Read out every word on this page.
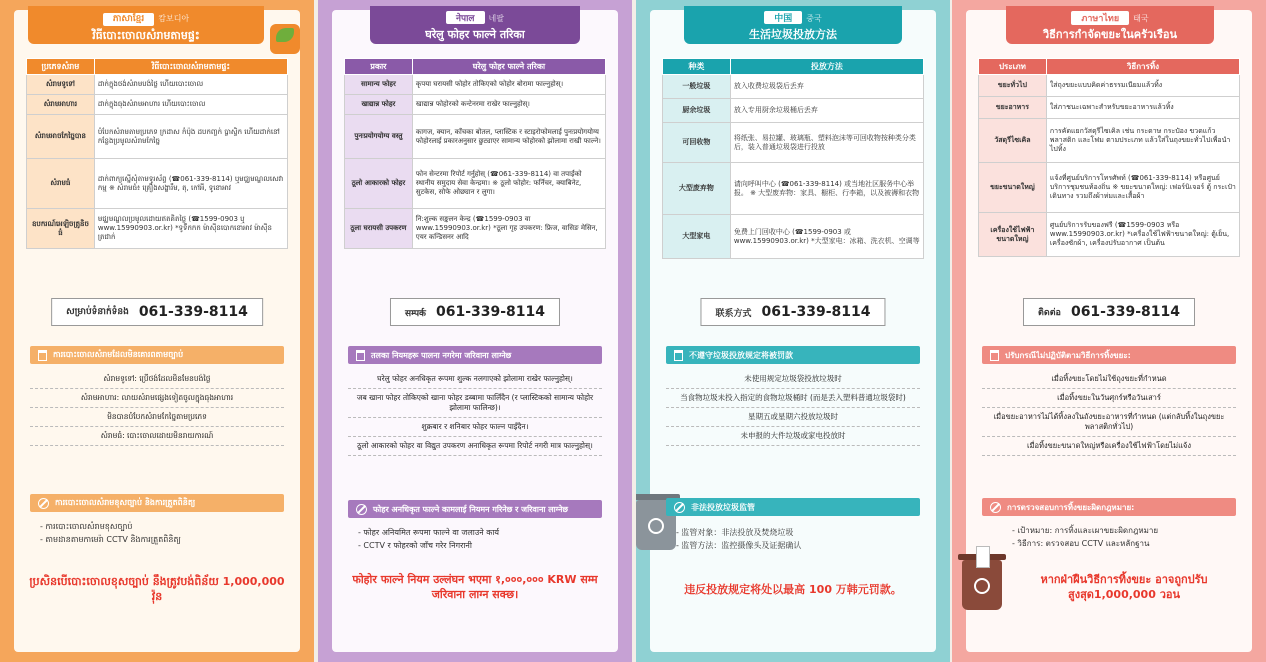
ភាសាខ្មែរ 캄보디아
វិធីបោះចោលសំរាមតាមផ្ទះ
ប្រភេទសំរាម	វិធីបោះចោលសំរាមតាមផ្ទះ
សំរាមទូទៅ	ដាក់ក្នុងថង់សំរាមបង់ថ្លៃ ហើយបោះចោល
សំរាមអាហារ	ដាក់ក្នុងធុងសំរាមអាហារ ហើយបោះចោល
សំរាមអាចកែច្នៃបាន	បំបែកសំរាមតាមប្រភេទ ក្រដាស កំប៉ុង ដបកញ្ចក់ ប្លាស្ទិក ហើយដាក់នៅកន្លែងប្រមូលសំរាមកែច្នៃ
សំរាមធំ	ដាក់ពាក្យស្នើសុំតាមទូរស័ព្ទ (☎061-339-8114) ឬមជ្ឈមណ្ឌលសេវាកម្ម ※ សំរាមធំ៖ គ្រឿងសង្ហារឹម, តុ, កៅអី, ទូខោអាវ
ឧបករណ៍អេឡិចត្រូនិចធំ	មជ្ឈមណ្ឌលប្រមូលដោយឥតគិតថ្លៃ (☎1599-0903 ឬ www.15990903.or.kr) *ទូទឹកកក ម៉ាស៊ីនបោកខោអាវ ម៉ាស៊ីនត្រជាក់
សម្រាប់ទំនាក់ទំនង 061-339-8114
ការបោះចោលសំរាមដែលមិនគោរពតាមច្បាប់
សំរាមទូទៅ: ប្រើថង់ដែលមិនមែនបង់ថ្លៃ
សំរាមអាហារ: លាយសំរាមផ្សេងទៀតចូលក្នុងធុងអាហារ
មិនបានបំបែកសំរាមកែច្នៃតាមប្រភេទ
សំរាមធំ: បោះចោលដោយមិនរាយការណ៍
ការបោះចោលសំរាមខុសច្បាប់ និងការត្រួតពិនិត្យ
- ការបោះចោលសំរាមខុសច្បាប់
- តាមដានតាមកាមេរ៉ា CCTV និងការត្រួតពិនិត្យ
ប្រសិនបើបោះចោលខុសច្បាប់ នឹងត្រូវបង់ពិន័យ 1,000,000 វ៉ុន
नेपाल 네팔
घरेलु फोहर फाल्ने तरिका
प्रकार	घरेलु फोहर फाल्ने तरिका
सामान्य फोहर	कृपया घरायसी फोहोर तोकिएको फोहोर बोरामा फाल्नुहोस्।
खाद्यान्न फोहर	खाद्यान्न फोहोरको कन्टेनरमा राखेर फाल्नुहोस्।
पुनःप्रयोगयोग्य वस्तु	कागज, क्यान, काँचका बोतल, प्लास्टिक र स्टाइरोफोमलाई पुनःप्रयोगयोग्य फोहोरलाई प्रकारअनुसार छुट्याएर सामान्य फोहोरको झोलामा राखी फाल्ने।
ठूलो आकारको फोहर	फोन सेन्टरमा रिपोर्ट गर्नुहोस् (☎061-339-8114) वा तपाईंको स्थानीय समुदाय सेवा केन्द्रमा। ※ ठूलो फोहोर: फर्निचर, क्याबिनेट, सुटकेस, सोफे ओछ्यान र लुगा।
ठूला घरायसी उपकरण	नि:शुल्क सङ्कलन केन्द्र (☎1599-0903 वा www.15990903.or.kr) *ठूला गृह उपकरण: फ्रिज, वासिङ मेसिन, एयर कन्डिसनर आदि
सम्पर्क 061-339-8114
तलका नियमहरू पालना नगरेमा जरिवाना लाग्नेछ
घरेलु फोहर अनधिकृत रूपमा शुल्क नलगाएको झोलामा राखेर फाल्नुहोस्।
जब खाना फोहर तोकिएको खाना फोहर डब्बामा फालिँदैन (र प्लास्टिकको सामान्य फोहोर झोलामा फालिन्छ)।
शुक्रबार र शनिबार फोहर फाल्न पाइँदैन।
ठूलो आकारको फोहर वा विद्युत उपकरण अनाधिकृत रूपमा रिपोर्ट नगरी मात्र फाल्नुहोस्।
फोहर अनधिकृत फाल्ने कामलाई नियमन गरिनेछ र जरिवाना लाग्नेछ
- फोहर अनियमित रूपमा फाल्ने वा जलाउने कार्य
- CCTV र फोहरको जाँच गरेर निगरानी
फोहोर फाल्ने नियम उल्लंघन भएमा १,०००,००० KRW सम्म जरिवाना लाग्न सक्छ।
中国 중국
生活垃圾投放方法
种类	投放方法
一般垃圾	放入收费垃圾袋后丢弃
厨余垃圾	放入专用厨余垃圾桶后丢弃
可回收物	将纸张、易拉罐、玻璃瓶、塑料泡沫等可回收物按种类分类后，装入普通垃圾袋进行投放
大型废弃物	请向呼叫中心 (☎061-339-8114) 或当地社区服务中心举报。 ※ 大型废弃物：家具、橱柜、行李箱，以及被褥和衣物
大型家电	免费上门回收中心 (☎1599-0903 或 www.15990903.or.kr) *大型家电：冰箱、洗衣机、空调等
联系方式 061-339-8114
不遵守垃圾投放规定将被罚款
未使用规定垃圾袋投放垃圾时
当食物垃圾未投入指定的食物垃圾桶时 (而是丢入塑料普通垃圾袋时)
星期五或星期六投放垃圾时
未申报的大件垃圾或家电投放时
非法投放垃圾监管
- 监管对象：非法投放及焚烧垃圾
- 监管方法：监控摄像头及证据确认
违反投放规定将处以最高 100 万韩元罚款。
ภาษาไทย 태국
วิธีการกำจัดขยะในครัวเรือน
ประเภท	วิธีการทิ้ง
ขยะทั่วไป	ใส่ถุงขยะแบบคิดค่าธรรมเนียมแล้วทิ้ง
ขยะอาหาร	ใส่ภาชนะเฉพาะสำหรับขยะอาหารแล้วทิ้ง
วัสดุรีไซเคิล	การคัดแยกวัสดุรีไซเคิล เช่น กระดาษ กระป๋อง ขวดแก้ว พลาสติก และโฟม ตามประเภท แล้วใส่ในถุงขยะทั่วไปเพื่อนำไปทิ้ง
ขยะขนาดใหญ่	แจ้งที่ศูนย์บริการโทรศัพท์ (☎061-339-8114) หรือศูนย์บริการชุมชนท้องถิ่น ※ ขยะขนาดใหญ่: เฟอร์นิเจอร์ ตู้ กระเป๋าเดินทาง รวมถึงผ้าห่มและเสื้อผ้า
เครื่องใช้ไฟฟ้าขนาดใหญ่	ศูนย์บริการรับของฟรี (☎1599-0903 หรือ www.15990903.or.kr) *เครื่องใช้ไฟฟ้าขนาดใหญ่: ตู้เย็น, เครื่องซักผ้า, เครื่องปรับอากาศ เป็นต้น
ติดต่อ 061-339-8114
ปรับกรณีไม่ปฏิบัติตามวิธีการทิ้งขยะ:
เมื่อทิ้งขยะโดยไม่ใช้ถุงขยะที่กำหนด
เมื่อทิ้งขยะในวันศุกร์หรือวันเสาร์
เมื่อขยะอาหารไม่ได้ทิ้งลงในถังขยะอาหารที่กำหนด (แต่กลับทิ้งในถุงขยะพลาสติกทั่วไป)
เมื่อทิ้งขยะขนาดใหญ่หรือเครื่องใช้ไฟฟ้าโดยไม่แจ้ง
การตรวจสอบการทิ้งขยะผิดกฎหมาย:
- เป้าหมาย: การทิ้งและเผาขยะผิดกฎหมาย
- วิธีการ: ตรวจสอบ CCTV และหลักฐาน
หากฝ่าฝืนวิธีการทิ้งขยะ อาจถูกปรับสูงสุด1,000,000 วอน
